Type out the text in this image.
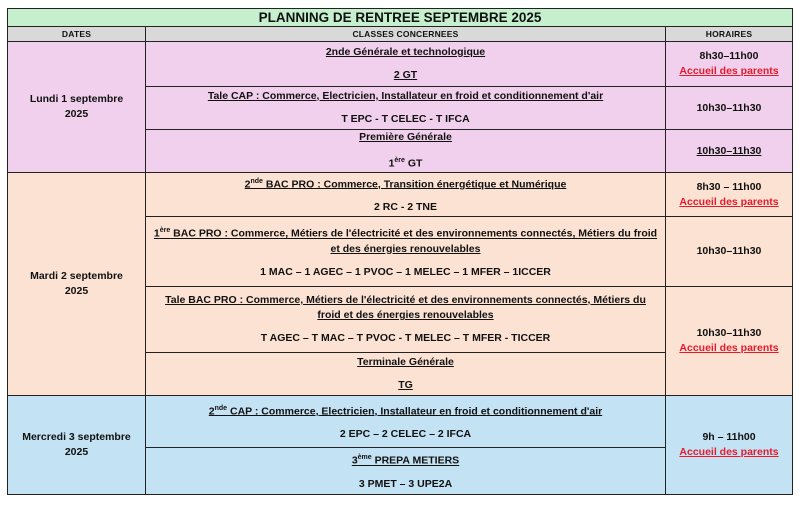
PLANNING DE RENTREE SEPTEMBRE 2025
DATES	CLASSES CONCERNEES	HORAIRES
Lundi 1 septembre 2025
Mardi 2 septembre 2025
Mercredi 3 septembre 2025
2nde Générale et technologique
2 GT
8h30–11h00
Accueil des parents
Tale CAP : Commerce, Electricien, Installateur en froid et conditionnement d'air
T EPC - T CELEC - T IFCA
10h30–11h30
Première Générale
1ère GT
10h30–11h30
2nde BAC PRO : Commerce, Transition énergétique et Numérique
2 RC - 2 TNE
8h30 – 11h00
Accueil des parents
1ère BAC PRO : Commerce, Métiers de l'électricité et des environnements connectés, Métiers du froid et des énergies renouvelables
1 MAC – 1 AGEC – 1 PVOC – 1 MELEC – 1 MFER – 1ICCER
10h30–11h30
Tale BAC PRO : Commerce, Métiers de l'électricité et des environnements connectés, Métiers du froid et des énergies renouvelables
T AGEC – T MAC – T PVOC - T MELEC – T MFER - TICCER
Terminale Générale
TG
10h30–11h30
Accueil des parents
2nde CAP : Commerce, Electricien, Installateur en froid et conditionnement d'air
2 EPC – 2 CELEC – 2 IFCA
3ème PREPA METIERS
3 PMET – 3 UPE2A
9h – 11h00
Accueil des parents
